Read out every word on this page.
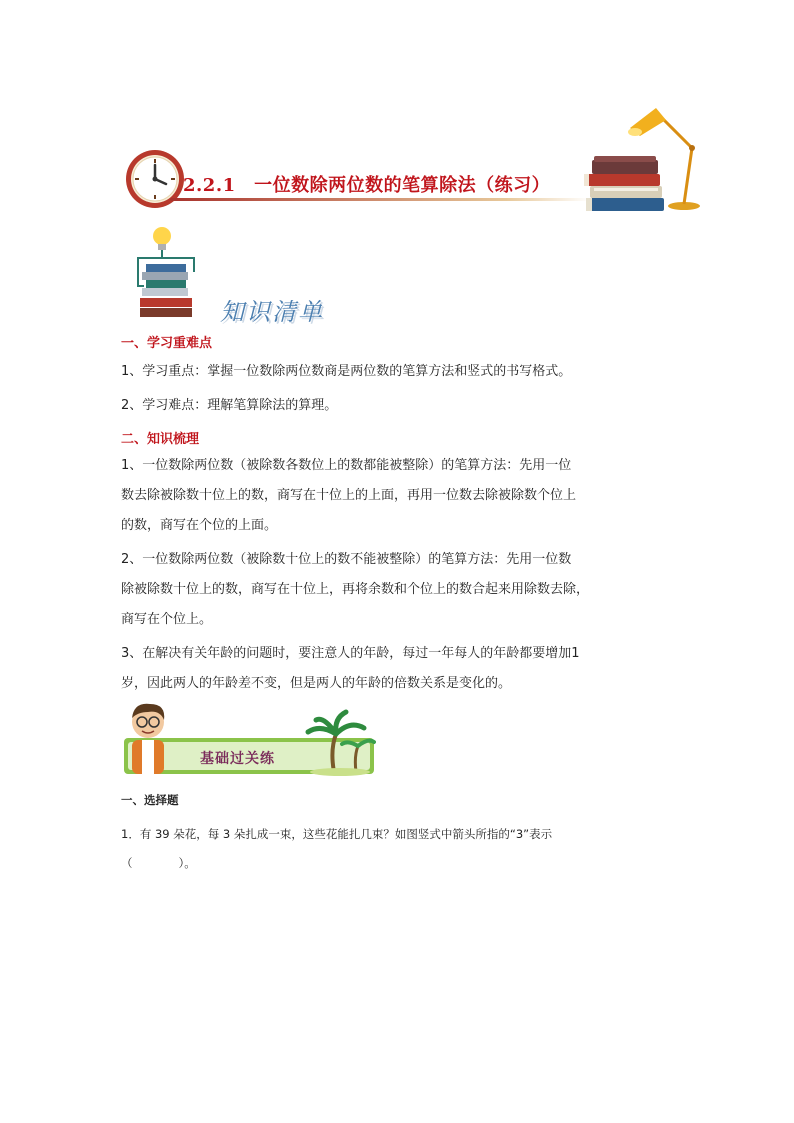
2.2.1　一位数除两位数的笔算除法（练习）
知识清单
一、学习重难点
1、学习重点：掌握一位数除两位数商是两位数的笔算方法和竖式的书写格式。
2、学习难点：理解笔算除法的算理。
二、知识梳理
1、一位数除两位数（被除数各数位上的数都能被整除）的笔算方法：先用一位
数去除被除数十位上的数，商写在十位上的上面，再用一位数去除被除数个位上
的数，商写在个位的上面。
2、一位数除两位数（被除数十位上的数不能被整除）的笔算方法：先用一位数
除被除数十位上的数，商写在十位上，再将余数和个位上的数合起来用除数去除，
商写在个位上。
3、在解决有关年龄的问题时，要注意人的年龄，每过一年每人的年龄都要增加1
岁，因此两人的年龄差不变，但是两人的年龄的倍数关系是变化的。
基础过关练
一、选择题
1．有 39 朵花，每 3 朵扎成一束，这些花能扎几束？如图竖式中箭头所指的“3”表示
（　　　　）。
